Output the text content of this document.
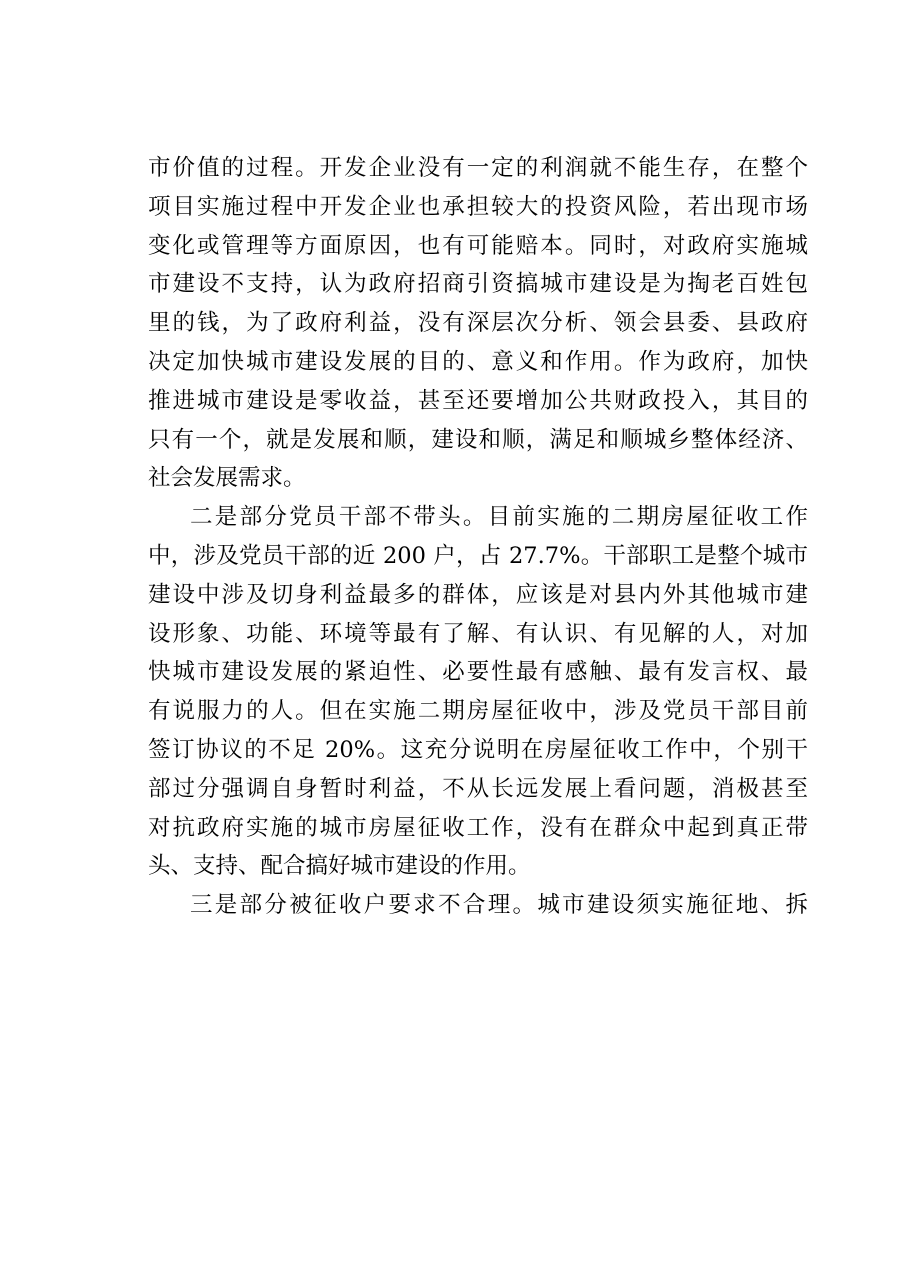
市价值的过程。开发企业没有一定的利润就不能生存，在整个
项目实施过程中开发企业也承担较大的投资风险，若出现市场
变化或管理等方面原因，也有可能赔本。同时，对政府实施城
市建设不支持，认为政府招商引资搞城市建设是为掏老百姓包
里的钱，为了政府利益，没有深层次分析、领会县委、县政府
决定加快城市建设发展的目的、意义和作用。作为政府，加快
推进城市建设是零收益，甚至还要增加公共财政投入，其目的
只有一个，就是发展和顺，建设和顺，满足和顺城乡整体经济、
社会发展需求。
二是部分党员干部不带头。目前实施的二期房屋征收工作
中，涉及党员干部的近 200 户，占 27.7%。干部职工是整个城市
建设中涉及切身利益最多的群体，应该是对县内外其他城市建
设形象、功能、环境等最有了解、有认识、有见解的人，对加
快城市建设发展的紧迫性、必要性最有感触、最有发言权、最
有说服力的人。但在实施二期房屋征收中，涉及党员干部目前
签订协议的不足 20%。这充分说明在房屋征收工作中，个别干
部过分强调自身暂时利益，不从长远发展上看问题，消极甚至
对抗政府实施的城市房屋征收工作，没有在群众中起到真正带
头、支持、配合搞好城市建设的作用。
三是部分被征收户要求不合理。城市建设须实施征地、拆
